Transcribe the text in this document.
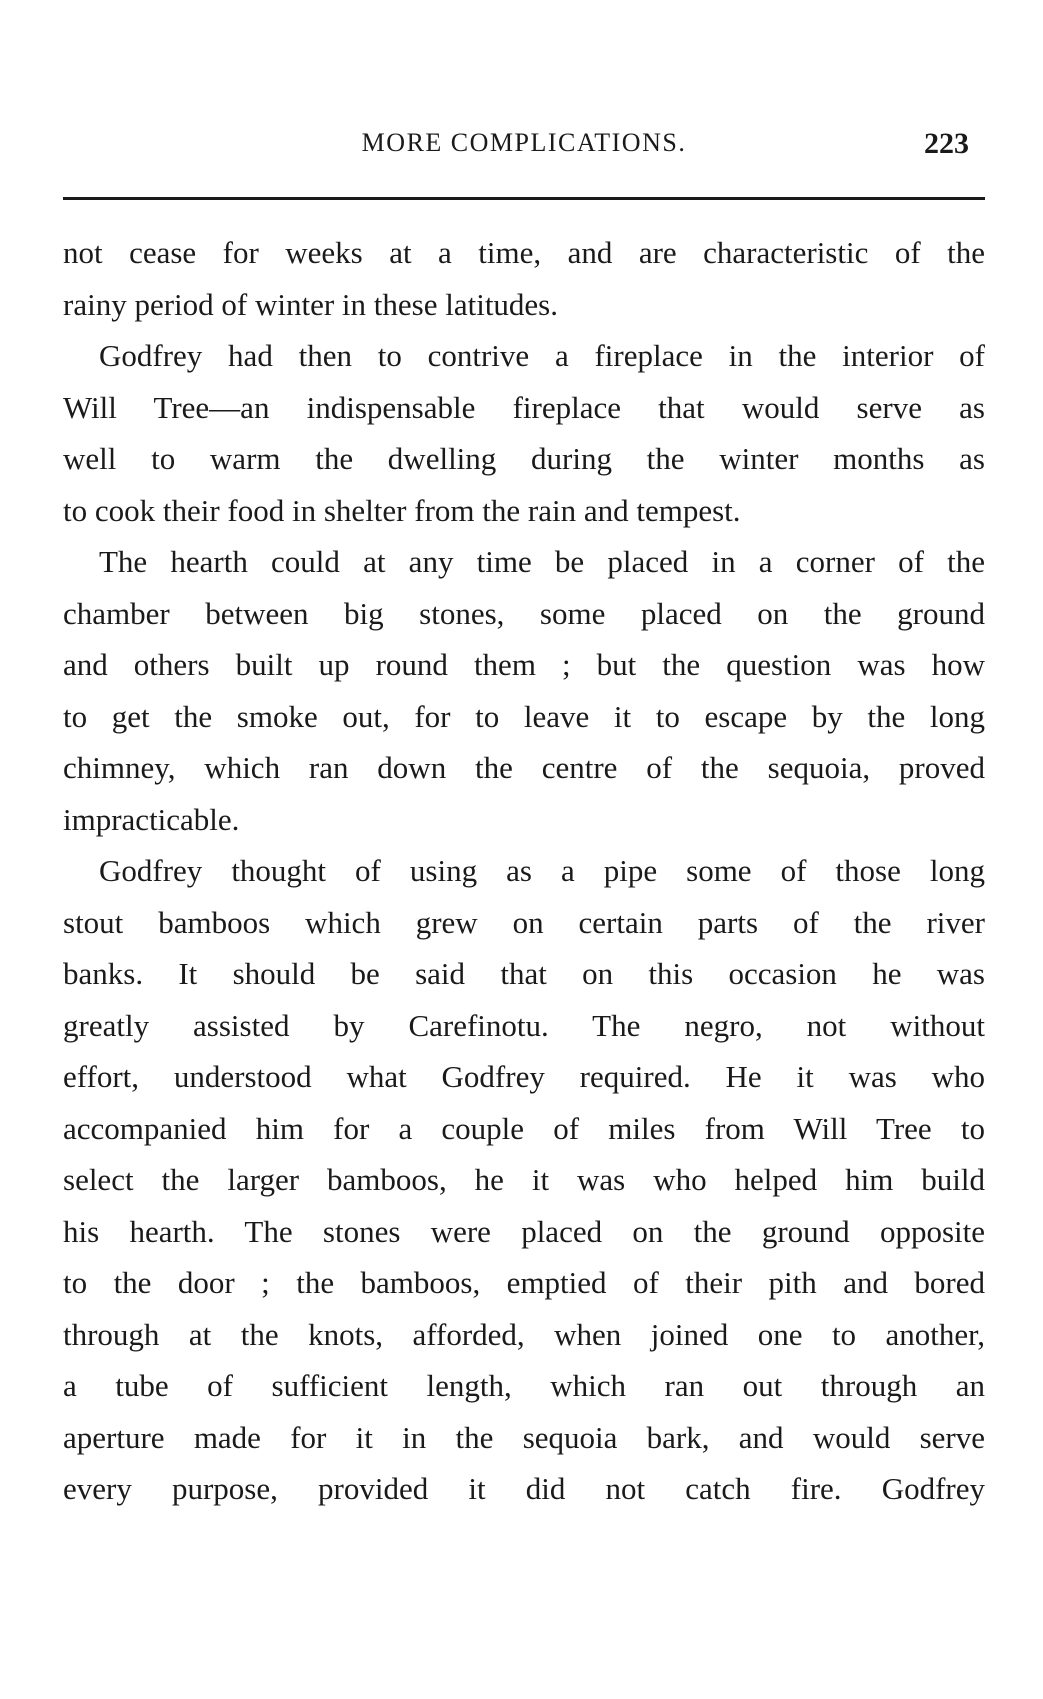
MORE COMPLICATIONS.	223
not cease for weeks at a time, and are characteristic of the
rainy period of winter in these latitudes.
Godfrey had then to contrive a fireplace in the interior of
Will Tree—an indispensable fireplace that would serve as
well to warm the dwelling during the winter months as
to cook their food in shelter from the rain and tempest.
The hearth could at any time be placed in a corner of the
chamber between big stones, some placed on the ground
and others built up round them ; but the question was how
to get the smoke out, for to leave it to escape by the long
chimney, which ran down the centre of the sequoia, proved
impracticable.
Godfrey thought of using as a pipe some of those long
stout bamboos which grew on certain parts of the river
banks. It should be said that on this occasion he was
greatly assisted by Carefinotu. The negro, not without
effort, understood what Godfrey required. He it was who
accompanied him for a couple of miles from Will Tree to
select the larger bamboos, he it was who helped him build
his hearth. The stones were placed on the ground opposite
to the door ; the bamboos, emptied of their pith and bored
through at the knots, afforded, when joined one to another,
a tube of sufficient length, which ran out through an
aperture made for it in the sequoia bark, and would serve
every purpose, provided it did not catch fire. Godfrey
